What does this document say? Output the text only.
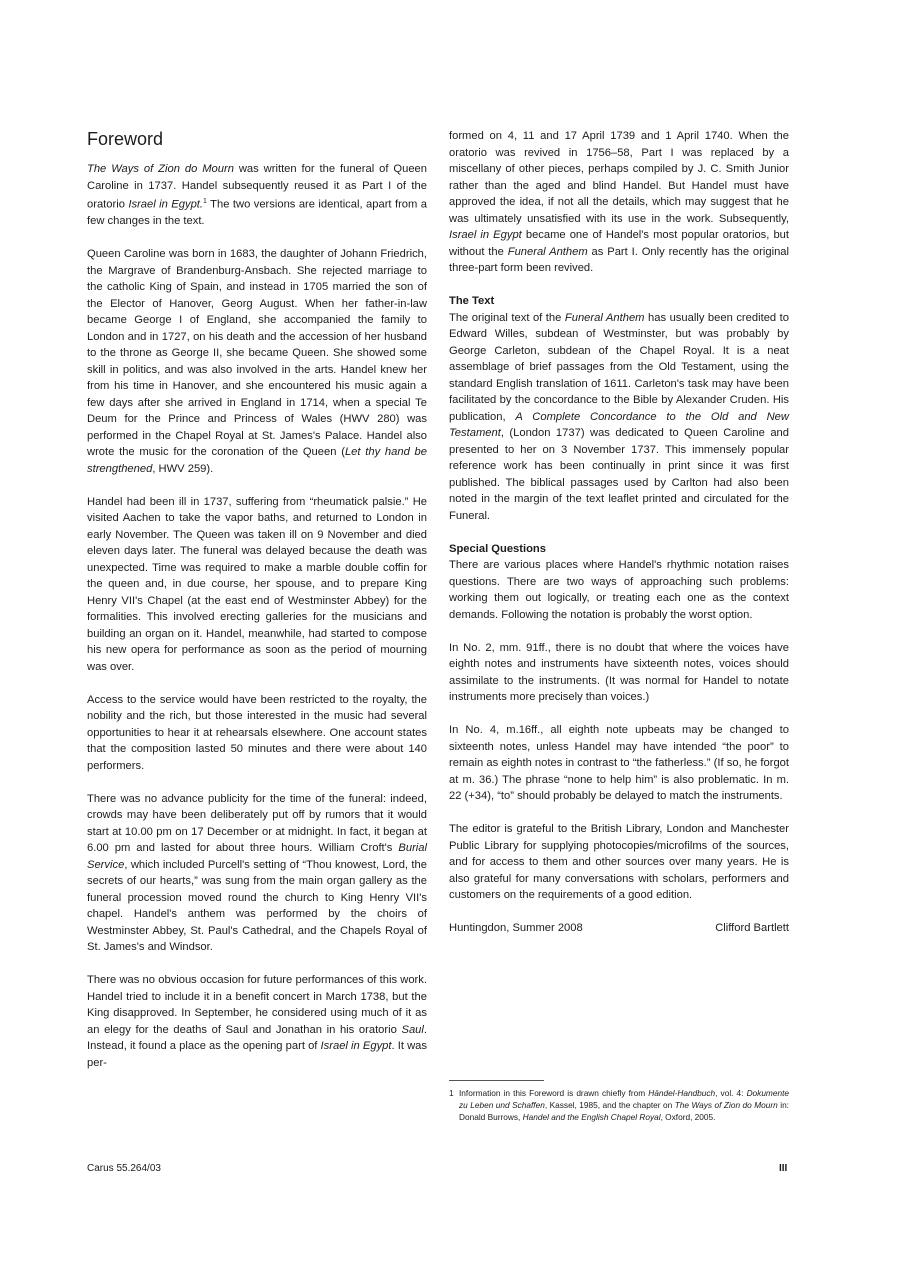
Foreword

The Ways of Zion do Mourn was written for the funeral of Queen Caroline in 1737. Handel subsequently reused it as Part I of the oratorio Israel in Egypt.$^1$ The two versions are identical, apart from a few changes in the text.

Queen Caroline was born in 1683, the daughter of Johann Friedrich, the Margrave of Brandenburg-Ansbach. She rejected marriage to the catholic King of Spain, and instead in 1705 married the son of the Elector of Hanover, Georg August. When her father-in-law became George I of England, she accompanied the family to London and in 1727, on his death and the accession of her husband to the throne as George II, she became Queen. She showed some skill in politics, and was also involved in the arts. Handel knew her from his time in Hanover, and she encountered his music again a few days after she arrived in England in 1714, when a special Te Deum for the Prince and Princess of Wales (HWV 280) was performed in the Chapel Royal at St. James's Palace. Handel also wrote the music for the coronation of the Queen (Let thy hand be strengthened, HWV 259).

Handel had been ill in 1737, suffering from “rheumatick palsie.” He visited Aachen to take the vapor baths, and returned to London in early November. The Queen was taken ill on 9 November and died eleven days later. The funeral was delayed because the death was unexpected. Time was required to make a marble double coffin for the queen and, in due course, her spouse, and to prepare King Henry VII's Chapel (at the east end of Westminster Abbey) for the formalities. This involved erecting galleries for the musicians and building an organ on it. Handel, meanwhile, had started to compose his new opera for performance as soon as the period of mourning was over.

Access to the service would have been restricted to the royalty, the nobility and the rich, but those interested in the music had several opportunities to hear it at rehearsals elsewhere. One account states that the composition lasted 50 minutes and there were about 140 performers.

There was no advance publicity for the time of the funeral: indeed, crowds may have been deliberately put off by rumors that it would start at 10.00 pm on 17 December or at midnight. In fact, it began at 6.00 pm and lasted for about three hours. William Croft's Burial Service, which included Purcell's setting of “Thou knowest, Lord, the secrets of our hearts,” was sung from the main organ gallery as the funeral procession moved round the church to King Henry VII's chapel. Handel's anthem was performed by the choirs of Westminster Abbey, St. Paul's Cathedral, and the Chapels Royal of St. James's and Windsor.

There was no obvious occasion for future performances of this work. Handel tried to include it in a benefit concert in March 1738, but the King disapproved. In September, he considered using much of it as an elegy for the deaths of Saul and Jonathan in his oratorio Saul. Instead, it found a place as the opening part of Israel in Egypt. It was per-

formed on 4, 11 and 17 April 1739 and 1 April 1740. When the oratorio was revived in 1756–58, Part I was replaced by a miscellany of other pieces, perhaps compiled by J. C. Smith Junior rather than the aged and blind Handel. But Handel must have approved the idea, if not all the details, which may suggest that he was ultimately unsatisfied with its use in the work. Subsequently, Israel in Egypt became one of Handel's most popular oratorios, but without the Funeral Anthem as Part I. Only recently has the original three-part form been revived.

The Text

The original text of the Funeral Anthem has usually been credited to Edward Willes, subdean of Westminster, but was probably by George Carleton, subdean of the Chapel Royal. It is a neat assemblage of brief passages from the Old Testament, using the standard English translation of 1611. Carleton's task may have been facilitated by the concordance to the Bible by Alexander Cruden. His publication, A Complete Concordance to the Old and New Testament, (London 1737) was dedicated to Queen Caroline and presented to her on 3 November 1737. This immensely popular reference work has been continually in print since it was first published. The biblical passages used by Carlton had also been noted in the margin of the text leaflet printed and circulated for the Funeral.

Special Questions

There are various places where Handel's rhythmic notation raises questions. There are two ways of approaching such problems: working them out logically, or treating each one as the context demands. Following the notation is probably the worst option.

In No. 2, mm. 91ff., there is no doubt that where the voices have eighth notes and instruments have sixteenth notes, voices should assimilate to the instruments. (It was normal for Handel to notate instruments more precisely than voices.)

In No. 4, m.16ff., all eighth note upbeats may be changed to sixteenth notes, unless Handel may have intended “the poor” to remain as eighth notes in contrast to “the fatherless.” (If so, he forgot at m. 36.) The phrase “none to help him” is also problematic. In m. 22 (+34), “to” should probably be delayed to match the instruments.

The editor is grateful to the British Library, London and Manchester Public Library for supplying photocopies/microfilms of the sources, and for access to them and other sources over many years. He is also grateful for many conversations with scholars, performers and customers on the requirements of a good edition.

Huntingdon, Summer 2008	Clifford Bartlett
1 Information in this Foreword is drawn chiefly from Händel-Handbuch, vol. 4: Dokumente zu Leben und Schaffen, Kassel, 1985, and the chapter on The Ways of Zion do Mourn in: Donald Burrows, Handel and the English Chapel Royal, Oxford, 2005.
Carus 55.264/03	III
